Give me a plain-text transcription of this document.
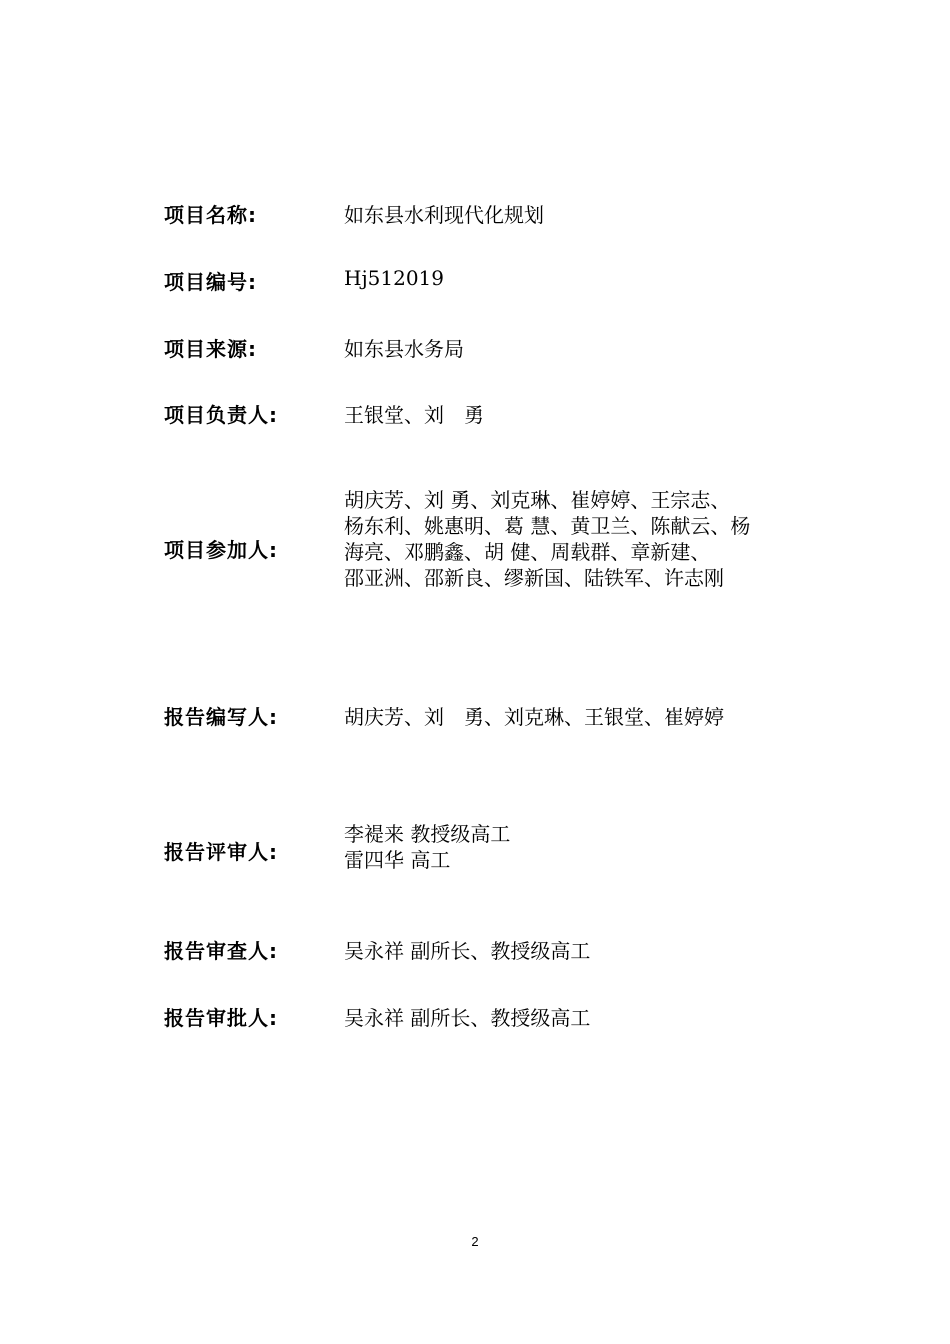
项目名称:	如东县水利现代化规划
项目编号:	Hj512019
项目来源:	如东县水务局
项目负责人:	王银堂、刘　勇
项目参加人:
胡庆芳、刘 勇、刘克琳、崔婷婷、王宗志、
杨东利、姚惠明、葛 慧、黄卫兰、陈献云、杨
海亮、邓鹏鑫、胡 健、周载群、章新建、
邵亚洲、邵新良、缪新国、陆铁军、许志刚
报告编写人:	胡庆芳、刘　勇、刘克琳、王银堂、崔婷婷
报告评审人:
李褆来 教授级高工
雷四华 高工
报告审查人:	吴永祥 副所长、教授级高工
报告审批人:	吴永祥 副所长、教授级高工
2
